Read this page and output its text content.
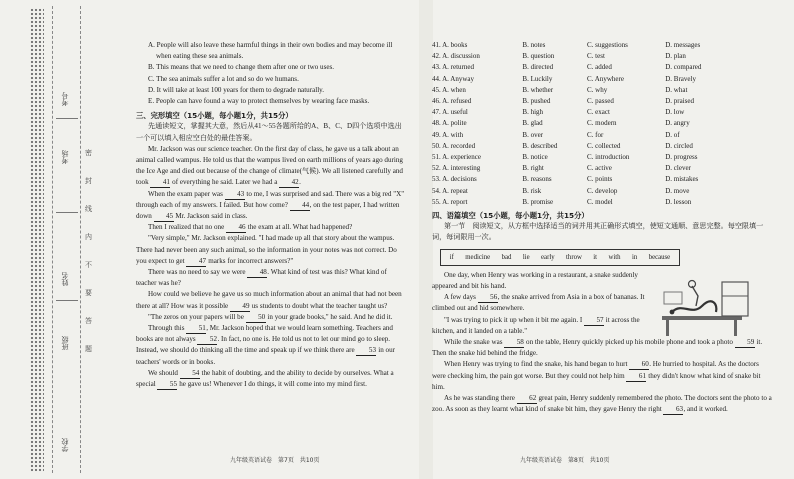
考号
考场
姓名
班级
学校
密
封
线
内
不
要
答
题

A. People will also leave these harmful things in their own bodies and may become ill

when eating these sea animals.

B. This means that we need to change them after one or two uses.

C. The sea animals suffer a lot and so do we humans.

D. It will take at least 100 years for them to degrade naturally.

E. People can have found a way to protect themselves by wearing face masks.

三、完形填空（15小题，每小题1分，共15分）

先通读短文，掌握其大意，然后从41～55各题所给的A、B、C、D四个选项中选出一个可以填入相应空白处的最佳答案。

Mr. Jackson was our science teacher. On the first day of class, he gave us a talk about an animal called wampus. He told us that the wampus lived on earth millions of years ago during the Ice Age and died out because of the change of climate(气候). We all listened carefully and took 41 of everything he said. Later we had a 42.

When the exam paper was 43 to me, I was surprised and sad. There was a big red "X" through each of my answers. I failed. But how come? 44, on the test paper, I had written down 45 Mr. Jackson said in class.

Then I realized that no one 46 the exam at all. What had happened?

"Very simple," Mr. Jackson explained. "I had made up all that story about the wampus. There had never been any such animal, so the information in your notes was not correct. Do you expect to get 47 marks for incorrect answers?"

There was no need to say we were 48. What kind of test was this? What kind of teacher was he?

How could we believe he gave us so much information about an animal that had not been there at all? How was it possible 49 us students to doubt what the teacher taught us?

"The zeros on your papers will be 50 in your grade books," he said. And he did it.

Through this 51, Mr. Jackson hoped that we would learn something. Teachers and books are not always 52. In fact, no one is. He told us not to let our mind go to sleep. Instead, we should do thinking all the time and speak up if we think there are 53 in our teachers' words or in books.

We should 54 the habit of doubting, and the ability to decide by ourselves. What a special 55 he gave us! Whenever I do things, it will come into my mind first.

41. A. books	B. notes	C. suggestions	D. messages
42. A. discussion	B. question	C. test	D. plan
43. A. returned	B. directed	C. added	D. compared
44. A. Anyway	B. Luckily	C. Anywhere	D. Bravely
45. A. when	B. whether	C. why	D. what
46. A. refused	B. pushed	C. passed	D. praised
47. A. useful	B. high	C. exact	D. low
48. A. polite	B. glad	C. modern	D. angry
49. A. with	B. over	C. for	D. of
50. A. recorded	B. described	C. collected	D. circled
51. A. experience	B. notice	C. introduction	D. progress
52. A. interesting	B. right	C. active	D. clever
53. A. decisions	B. reasons	C. points	D. mistakes
54. A. repeat	B. risk	C. develop	D. move
55. A. report	B. promise	C. model	D. lesson

四、语篇填空（15小题，每小题1分，共15分）

第一节　阅读短文，从方框中选择适当的词并用其正确形式填空，使短文通顺、意思完整。每空限填一词，每词限用一次。

if medicine bad lie early throw it with in because

One day, when Henry was working in a restaurant, a snake suddenly appeared and bit his hand.

A few days 56, the snake arrived from Asia in a box of bananas. It climbed out and hid somewhere.

"I was trying to pick it up when it bit me again. I 57 it across the kitchen, and it landed on a table."

While the snake was 58 on the table, Henry quickly picked up his mobile phone and took a photo 59 it. Then the snake hid behind the fridge.

When Henry was trying to find the snake, his hand began to hurt 60. He hurried to hospital. As the doctors were checking him, the pain got worse. But they could not help him 61 they didn't know what kind of snake bit him.

As he was standing there 62 great pain, Henry suddenly remembered the photo. The doctors sent the photo to a zoo. As soon as they learnt what kind of snake bit him, they gave Henry the right 63, and it worked.

九年级英语试卷　第7页　共10页	九年级英语试卷　第8页　共10页
